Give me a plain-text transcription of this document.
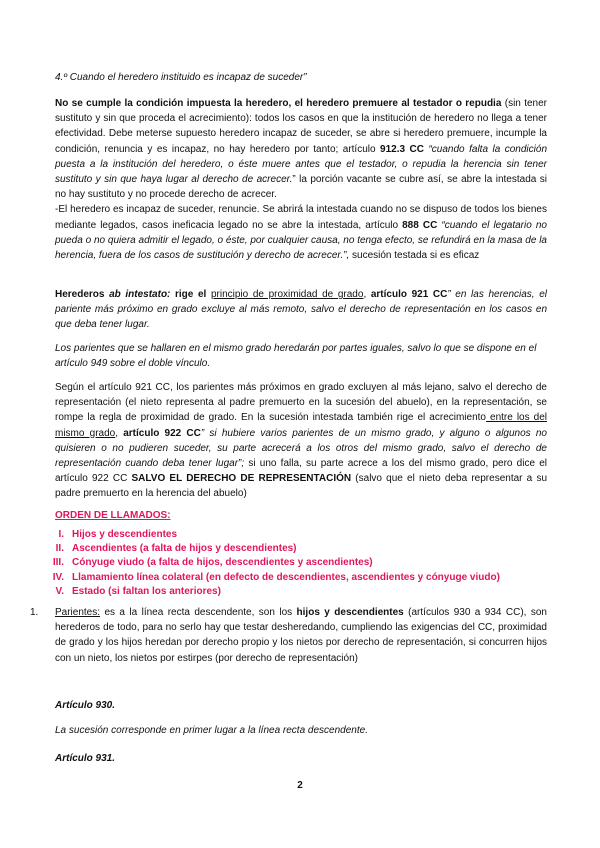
4.º Cuando el heredero instituido es incapaz de suceder”

No se cumple la condición impuesta la heredero, el heredero premuere al testador o repudia (sin tener sustituto y sin que proceda el acrecimiento): todos los casos en que la institución de heredero no llega a tener efectividad. Debe meterse supuesto heredero incapaz de suceder, se abre si heredero premuere, incumple la condición, renuncia y es incapaz, no hay heredero por tanto; artículo 912.3 CC “cuando falta la condición puesta a la institución del heredero, o éste muere antes que el testador, o repudia la herencia sin tener sustituto y sin que haya lugar al derecho de acrecer.” la porción vacante se cubre así, se abre la intestada si no hay sustituto y no procede derecho de acrecer.
-El heredero es incapaz de suceder, renuncie. Se abrirá la intestada cuando no se dispuso de todos los bienes mediante legados, casos ineficacia legado no se abre la intestada, artículo 888 CC “cuando el legatario no pueda o no quiera admitir el legado, o éste, por cualquier causa, no tenga efecto, se refundirá en la masa de la herencia, fuera de los casos de sustitución y derecho de acrecer.”, sucesión testada si es eficaz

Herederos ab intestato: rige el principio de proximidad de grado, artículo 921 CC” en las herencias, el pariente más próximo en grado excluye al más remoto, salvo el derecho de representación en los casos en que deba tener lugar.

Los parientes que se hallaren en el mismo grado heredarán por partes iguales, salvo lo que se dispone en el artículo 949 sobre el doble vínculo.

Según el artículo 921 CC, los parientes más próximos en grado excluyen al más lejano, salvo el derecho de representación (el nieto representa al padre premuerto en la sucesión del abuelo), en la representación, se rompe la regla de proximidad de grado. En la sucesión intestada también rige el acrecimiento entre los del mismo grado, artículo 922 CC” si hubiere varios parientes de un mismo grado, y alguno o algunos no quisieren o no pudieren suceder, su parte acrecerá a los otros del mismo grado, salvo el derecho de representación cuando deba tener lugar”; si uno falla, su parte acrece a los del mismo grado, pero dice el artículo 922 CC SALVO EL DERECHO DE REPRESENTACIÓN (salvo que el nieto deba representar a su padre premuerto en la herencia del abuelo)

ORDEN DE LLAMADOS:

I. Hijos y descendientes
II. Ascendientes (a falta de hijos y descendientes)
III. Cónyuge viudo (a falta de hijos, descendientes y ascendientes)
IV. Llamamiento línea colateral (en defecto de descendientes, ascendientes y cónyuge viudo)
V. Estado (si faltan los anteriores)

1. Parientes: es a la línea recta descendente, son los hijos y descendientes (artículos 930 a 934 CC), son herederos de todo, para no serlo hay que testar desheredando, cumpliendo las exigencias del CC, proximidad de grado y los hijos heredan por derecho propio y los nietos por derecho de representación, si concurren hijos con un nieto, los nietos por estirpes (por derecho de representación)

Artículo 930.

La sucesión corresponde en primer lugar a la línea recta descendente.

Artículo 931.

2
